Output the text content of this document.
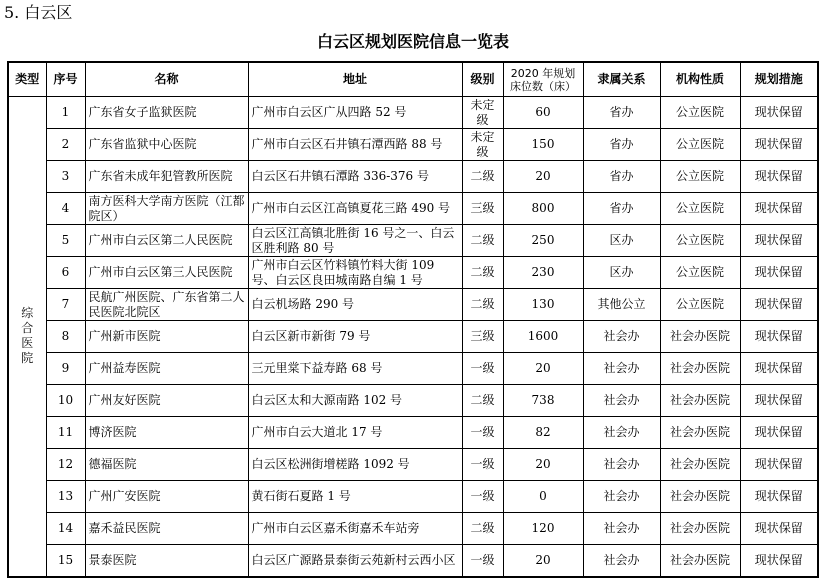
5. 白云区
白云区规划医院信息一览表
类型	序号	名称	地址	级别	2020 年规划床位数（床）	隶属关系	机构性质	规划措施

综
合
医
院	1	广东省女子监狱医院	广州市白云区广从四路 52 号	未定级	60	省办	公立医院	现状保留
	2	广东省监狱中心医院	广州市白云区石井镇石潭西路 88 号	未定级	150	省办	公立医院	现状保留
	3	广东省未成年犯管教所医院	白云区石井镇石潭路 336-376 号	二级	20	省办	公立医院	现状保留
	4	南方医科大学南方医院（江都院区）	广州市白云区江高镇夏花三路 490 号	三级	800	省办	公立医院	现状保留
	5	广州市白云区第二人民医院	白云区江高镇北胜街 16 号之一、白云区胜利路 80 号	二级	250	区办	公立医院	现状保留
	6	广州市白云区第三人民医院	广州市白云区竹料镇竹料大街 109 号、白云区良田城南路自编 1 号	二级	230	区办	公立医院	现状保留
	7	民航广州医院、广东省第二人民医院北院区	白云机场路 290 号	二级	130	其他公立	公立医院	现状保留
	8	广州新市医院	白云区新市新街 79 号	三级	1600	社会办	社会办医院	现状保留
	9	广州益寿医院	三元里棠下益寿路 68 号	一级	20	社会办	社会办医院	现状保留
	10	广州友好医院	白云区太和大源南路 102 号	二级	738	社会办	社会办医院	现状保留
	11	博济医院	广州市白云大道北 17 号	一级	82	社会办	社会办医院	现状保留
	12	德福医院	白云区松洲街增槎路 1092 号	一级	20	社会办	社会办医院	现状保留
	13	广州广安医院	黄石街石夏路 1 号	一级	0	社会办	社会办医院	现状保留
	14	嘉禾益民医院	广州市白云区嘉禾街嘉禾车站旁	二级	120	社会办	社会办医院	现状保留
	15	景泰医院	白云区广源路景泰街云苑新村云西小区	一级	20	社会办	社会办医院	现状保留
